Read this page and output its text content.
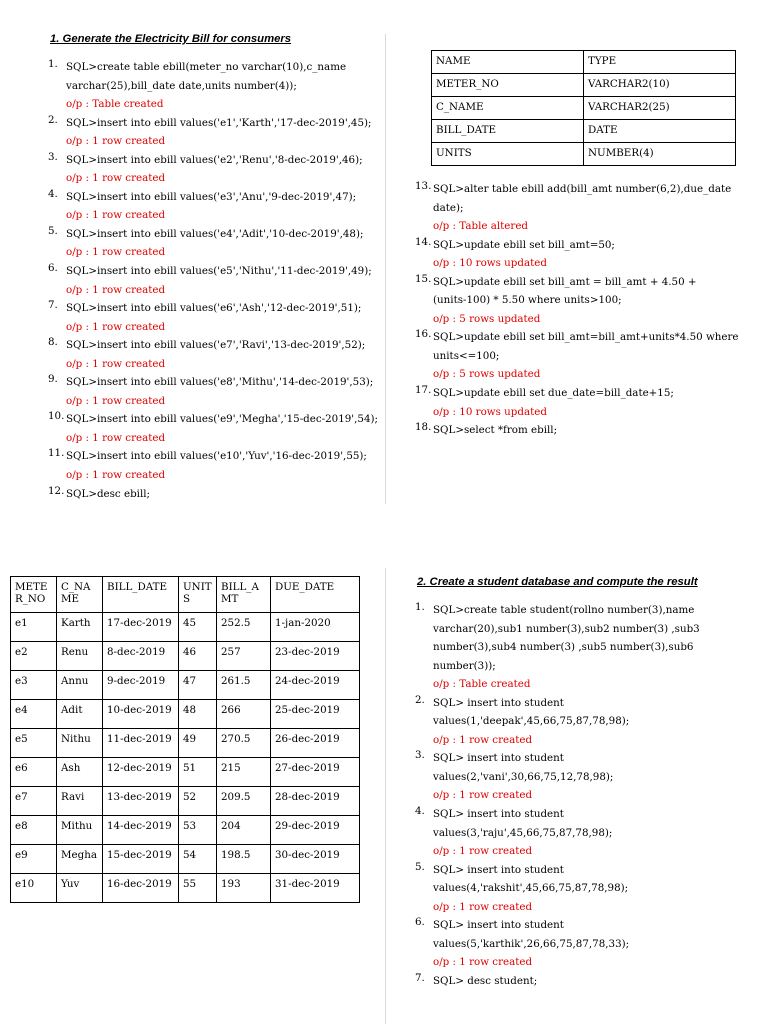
1. Generate the Electricity Bill for consumers
1. SQL>create table ebill(meter_no varchar(10),c_name
varchar(25),bill_date date,units number(4));
o/p : Table created
2. SQL>insert into ebill values('e1','Karth','17-dec-2019',45);
o/p : 1 row created
3. SQL>insert into ebill values('e2','Renu','8-dec-2019',46);
o/p : 1 row created
4. SQL>insert into ebill values('e3','Anu','9-dec-2019',47);
o/p : 1 row created
5. SQL>insert into ebill values('e4','Adit','10-dec-2019',48);
o/p : 1 row created
6. SQL>insert into ebill values('e5','Nithu','11-dec-2019',49);
o/p : 1 row created
7. SQL>insert into ebill values('e6','Ash','12-dec-2019',51);
o/p : 1 row created
8. SQL>insert into ebill values('e7','Ravi','13-dec-2019',52);
o/p : 1 row created
9. SQL>insert into ebill values('e8','Mithu','14-dec-2019',53);
o/p : 1 row created
10. SQL>insert into ebill values('e9','Megha','15-dec-2019',54);
o/p : 1 row created
11. SQL>insert into ebill values('e10','Yuv','16-dec-2019',55);
o/p : 1 row created
12. SQL>desc ebill;
NAME	TYPE
METER_NO	VARCHAR2(10)
C_NAME	VARCHAR2(25)
BILL_DATE	DATE
UNITS	NUMBER(4)
13. SQL>alter table ebill add(bill_amt number(6,2),due_date
date);
o/p : Table altered
14. SQL>update ebill set bill_amt=50;
o/p : 10 rows updated
15. SQL>update ebill set bill_amt = bill_amt + 4.50 +
(units-100) * 5.50 where units>100;
o/p : 5 rows updated
16. SQL>update ebill set bill_amt=bill_amt+units*4.50 where
units<=100;
o/p : 5 rows updated
17. SQL>update ebill set due_date=bill_date+15;
o/p : 10 rows updated
18. SQL>select *from ebill;
METER_NO	C_NAME	BILL_DATE	UNITS	BILL_AMT	DUE_DATE
e1	Karth	17-dec-2019	45	252.5	1-jan-2020
e2	Renu	8-dec-2019	46	257	23-dec-2019
e3	Annu	9-dec-2019	47	261.5	24-dec-2019
e4	Adit	10-dec-2019	48	266	25-dec-2019
e5	Nithu	11-dec-2019	49	270.5	26-dec-2019
e6	Ash	12-dec-2019	51	215	27-dec-2019
e7	Ravi	13-dec-2019	52	209.5	28-dec-2019
e8	Mithu	14-dec-2019	53	204	29-dec-2019
e9	Megha	15-dec-2019	54	198.5	30-dec-2019
e10	Yuv	16-dec-2019	55	193	31-dec-2019
2. Create a student database and compute the result
1. SQL>create table student(rollno number(3),name
varchar(20),sub1 number(3),sub2 number(3) ,sub3
number(3),sub4 number(3) ,sub5 number(3),sub6
number(3));
o/p : Table created
2. SQL> insert into student
values(1,'deepak',45,66,75,87,78,98);
o/p : 1 row created
3. SQL> insert into student
values(2,'vani',30,66,75,12,78,98);
o/p : 1 row created
4. SQL> insert into student
values(3,'raju',45,66,75,87,78,98);
o/p : 1 row created
5. SQL> insert into student
values(4,'rakshit',45,66,75,87,78,98);
o/p : 1 row created
6. SQL> insert into student
values(5,'karthik',26,66,75,87,78,33);
o/p : 1 row created
7. SQL> desc student;
